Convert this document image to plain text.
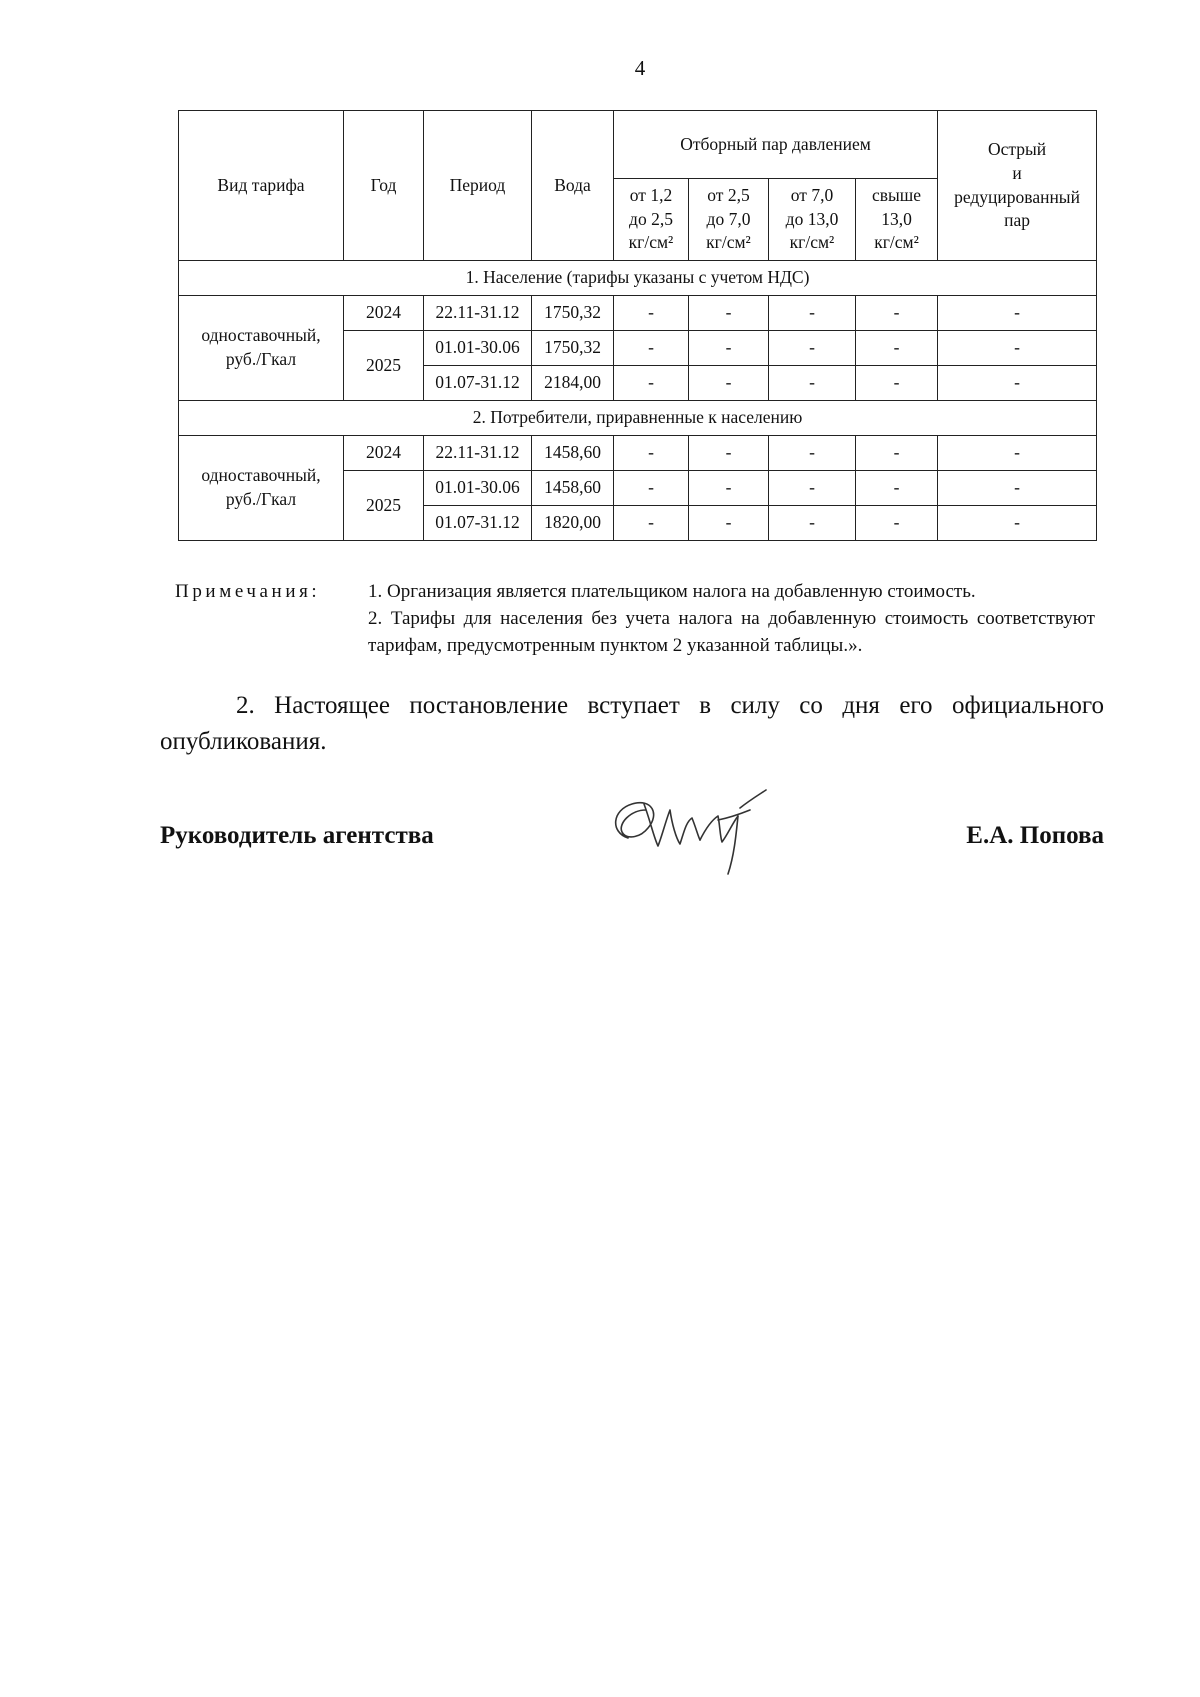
4
Вид тарифа	Год	Период	Вода	Отборный пар давлением				Острый
и
редуцированный
пар
				от 1,2
до 2,5
кг/см²	от 2,5
до 7,0
кг/см²	от 7,0
до 13,0
кг/см²	свыше
13,0
кг/см²	
1. Население (тарифы указаны с учетом НДС)								
одноставочный,
руб./Гкал	2024	22.11-31.12	1750,32	-	-	-	-	-
	2025	01.01-30.06	1750,32	-	-	-	-	-
		01.07-31.12	2184,00	-	-	-	-	-
2. Потребители, приравненные к населению								
одноставочный,
руб./Гкал	2024	22.11-31.12	1458,60	-	-	-	-	-
	2025	01.01-30.06	1458,60	-	-	-	-	-
		01.07-31.12	1820,00	-	-	-	-	-
Примечания:	1. Организация является плательщиком налога на добавленную стоимость.

2. Тарифы для населения без учета налога на добавленную стоимость соответствуют тарифам, предусмотренным пунктом 2 указанной таблицы.».

2. Настоящее постановление вступает в силу со дня его официального опубликования.
Руководитель агентства	Е.А. Попова
